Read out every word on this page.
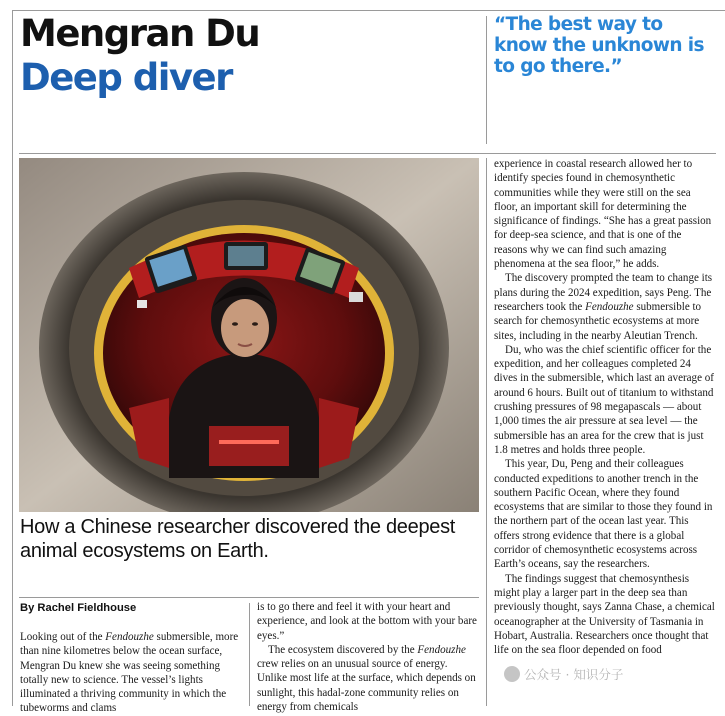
Mengran Du
Deep diver
“The best way to know the unknown is to go there.”
How a Chinese researcher discovered the deepest animal ecosystems on Earth.
By Rachel Fieldhouse

Looking out of the Fendouzhe submersible, more than nine kilometres below the ocean surface, Mengran Du knew she was seeing something totally new to science. The vessel’s lights illuminated a thriving community in which the tubeworms and clams

is to go there and feel it with your heart and experience, and look at the bottom with your bare eyes.”

The ecosystem discovered by the Fendouzhe crew relies on an unusual source of energy. Unlike most life at the surface, which depends on sunlight, this hadal-zone community relies on energy from chemicals

experience in coastal research allowed her to identify species found in chemosynthetic communities while they were still on the sea floor, an important skill for determining the significance of findings. “She has a great passion for deep-sea science, and that is one of the reasons why we can find such amazing phenomena at the sea floor,” he adds.

The discovery prompted the team to change its plans during the 2024 expedition, says Peng. The researchers took the Fendouzhe submersible to search for chemosynthetic ecosystems at more sites, including in the nearby Aleutian Trench.

Du, who was the chief scientific officer for the expedition, and her colleagues completed 24 dives in the submersible, which last an average of around 6 hours. Built out of titanium to withstand crushing pressures of 98 megapascals — about 1,000 times the air pressure at sea level — the submersible has an area for the crew that is just 1.8 metres and holds three people.

This year, Du, Peng and their colleagues conducted expeditions to another trench in the southern Pacific Ocean, where they found ecosystems that are similar to those they found in the northern part of the ocean last year. This offers strong evidence that there is a global corridor of chemosynthetic ecosystems across Earth’s oceans, say the researchers.

The findings suggest that chemosynthesis might play a larger part in the deep sea than previously thought, says Zanna Chase, a chemical oceanographer at the University of Tasmania in Hobart, Australia. Researchers once thought that life on the sea floor depended on food

公众号 · 知识分子
